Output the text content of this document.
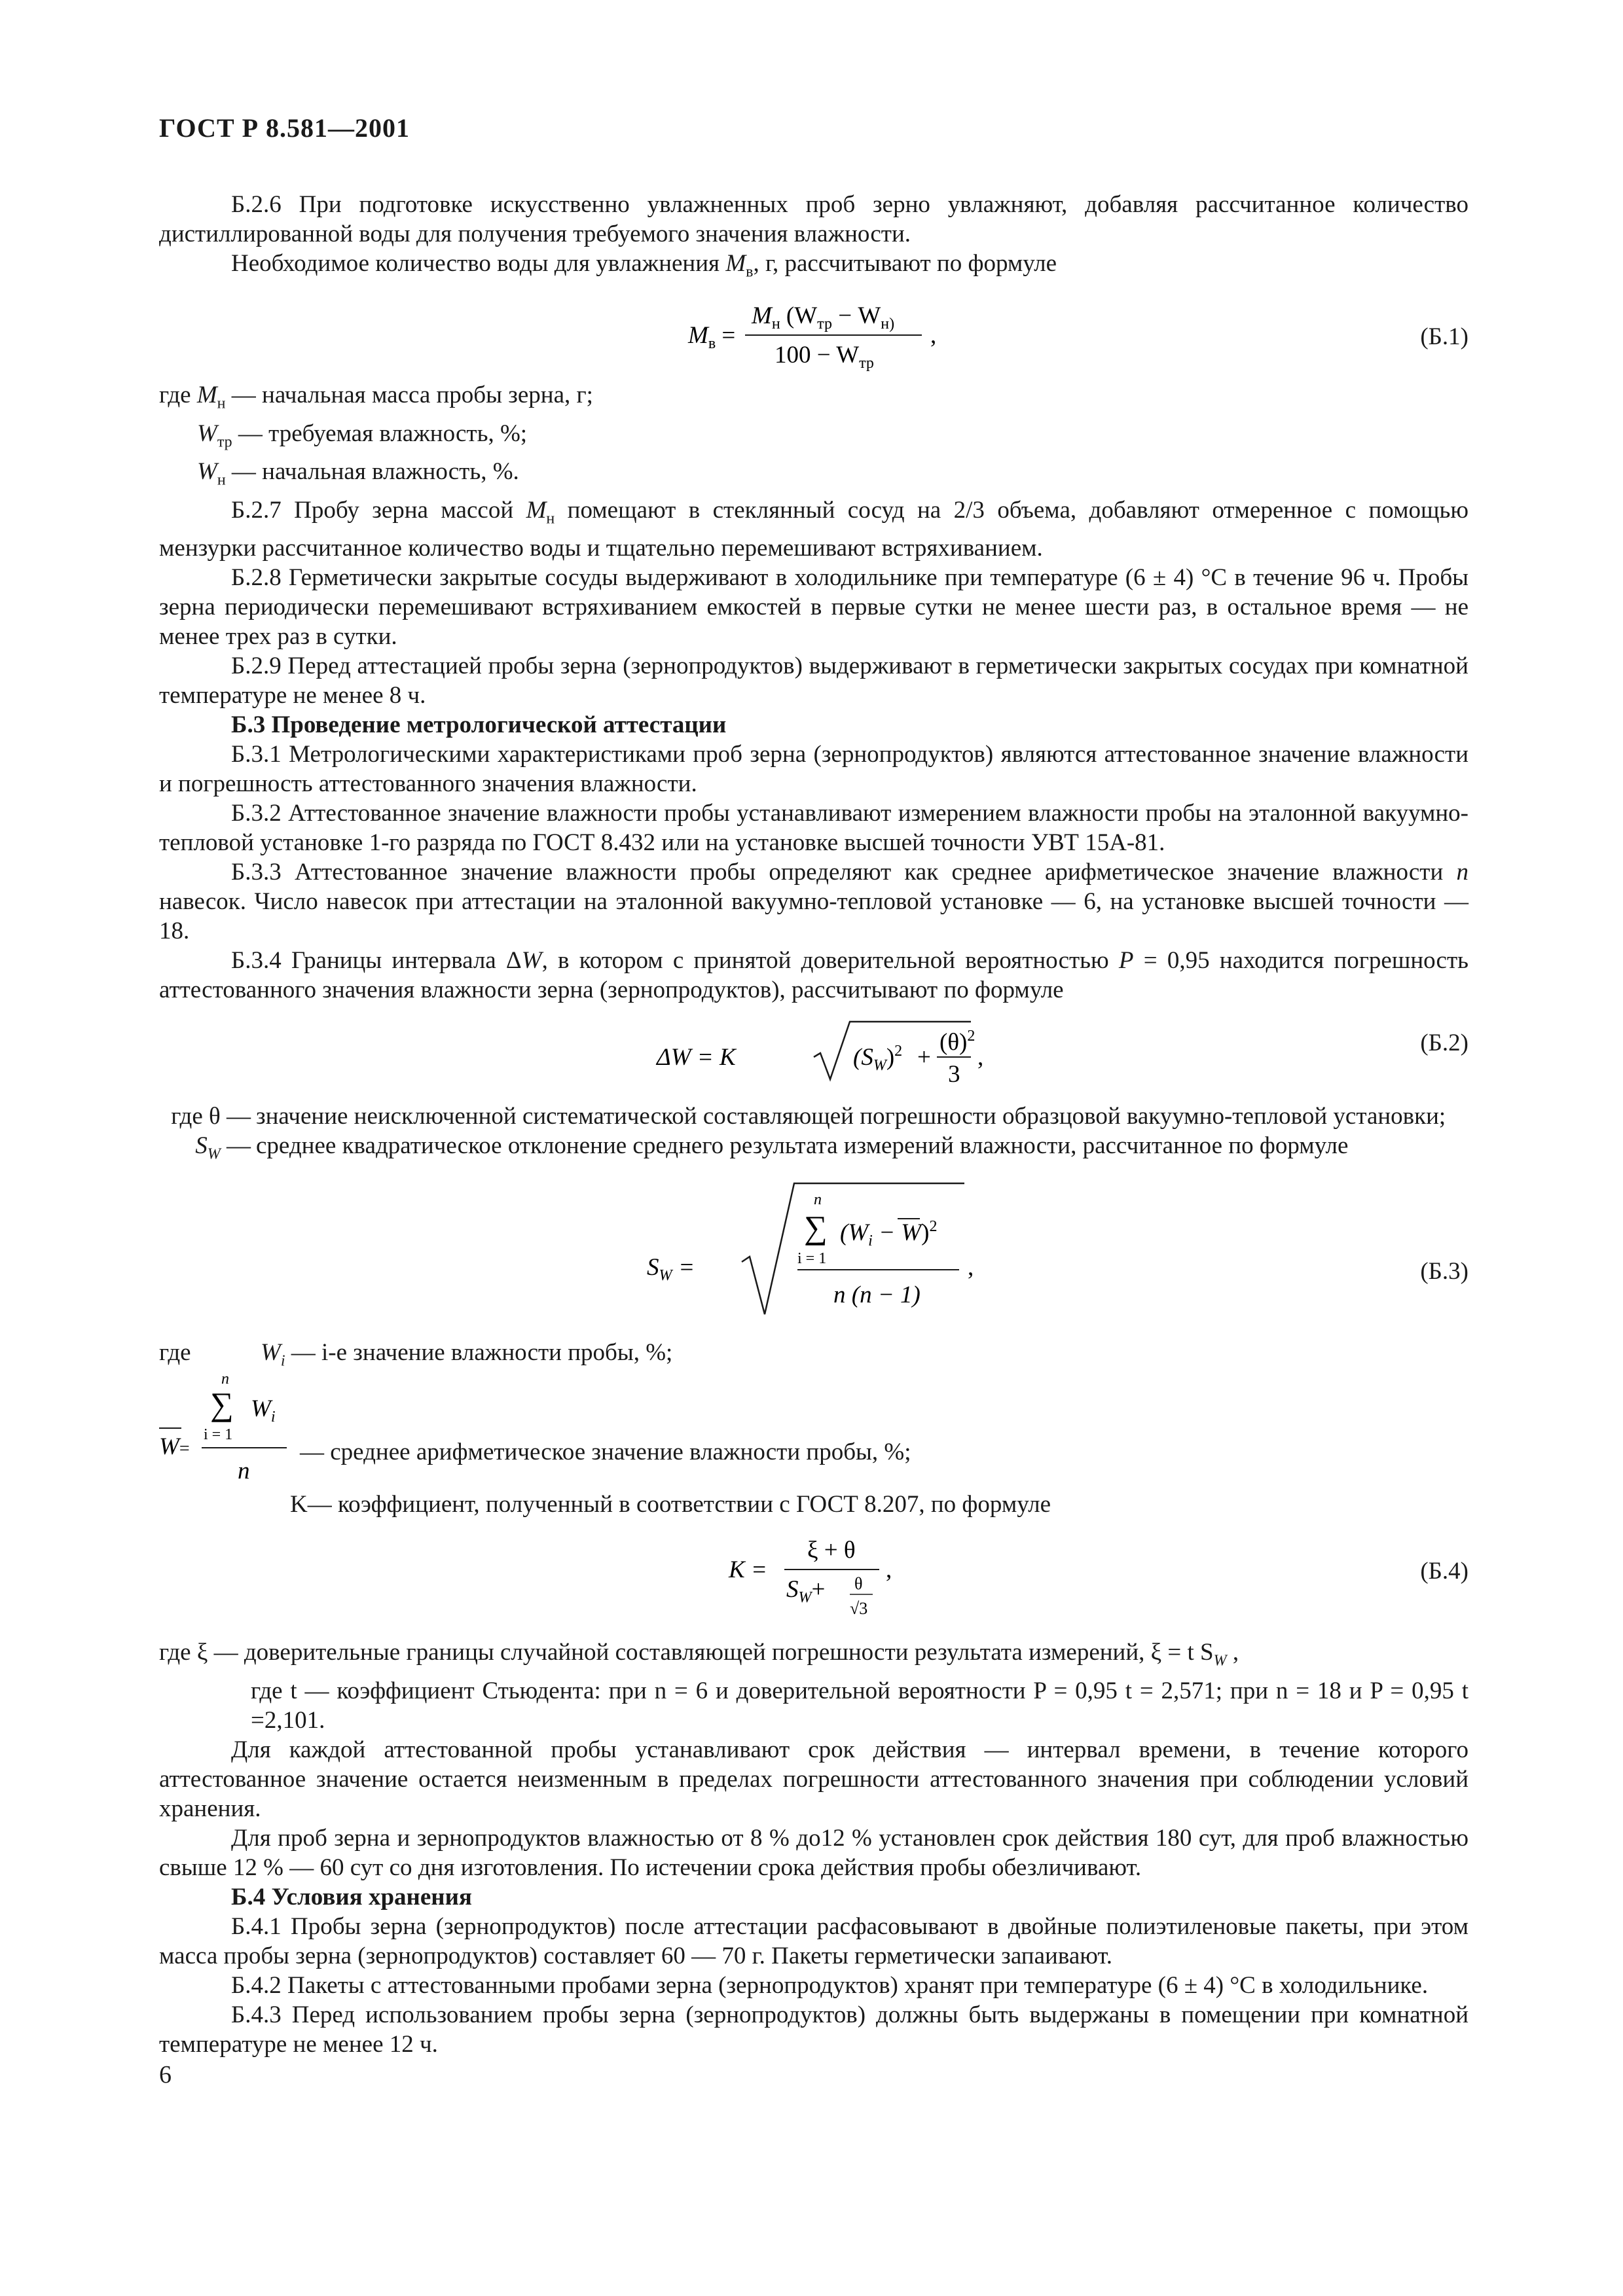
ГОСТ Р 8.581—2001

Б.2.6 При подготовке искусственно увлажненных проб зерно увлажняют, добавляя рассчитанное количество дистиллированной воды для получения требуемого значения влажности.

Необходимое количество воды для увлажнения $M_в$, г, рассчитывают по формуле

$M_в$ =
$M_н$ ($W_{тр} - W_{н)}$
$100 - W_{тр}$
,	(Б.1)
где $M_н$ — начальная масса пробы зерна, г;
$W_{тр}$ — требуемая влажность, %;
$W_н$ — начальная влажность, %.

Б.2.7 Пробу зерна массой $M_н$ помещают в стеклянный сосуд на 2/3 объема, добавляют отмеренное с помощью мензурки рассчитанное количество воды и тщательно перемешивают встряхиванием.

Б.2.8 Герметически закрытые сосуды выдерживают в холодильнике при температуре (6 ± 4) °С в течение 96 ч. Пробы зерна периодически перемешивают встряхиванием емкостей в первые сутки не менее шести раз, в остальное время — не менее трех раз в сутки.

Б.2.9 Перед аттестацией пробы зерна (зернопродуктов) выдерживают в герметически закрытых сосудах при комнатной температуре не менее 8 ч.

Б.3 Проведение метрологической аттестации

Б.3.1 Метрологическими характеристиками проб зерна (зернопродуктов) являются аттестованное значение влажности и погрешность аттестованного значения влажности.

Б.3.2 Аттестованное значение влажности пробы устанавливают измерением влажности пробы на эталонной вакуумно-тепловой установке 1-го разряда по ГОСТ 8.432 или на установке высшей точности УВТ 15А-81.

Б.3.3 Аттестованное значение влажности пробы определяют как среднее арифметическое значение влажности n навесок. Число навесок при аттестации на эталонной вакуумно-тепловой установке — 6, на установке высшей точности — 18.

Б.3.4 Границы интервала ΔW, в котором с принятой доверительной вероятностью P = 0,95 находится погрешность аттестованного значения влажности зерна (зернопродуктов), рассчитывают по формуле

ΔW = K	$(S_W)^2$ +
$(\theta)^2$
3
,
(Б.2)
где θ — значение неисключенной систематической составляющей погрешности образцовой вакуумно-тепловой установки;
$S_W$ — среднее квадратическое отклонение среднего результата измерений влажности, рассчитанное по формуле
$S_W$ =
n
∑
i = 1
$(W_i - W)^2$
n (n − 1)
,	(Б.3)
где	$W_i$ — i-е значение влажности пробы, %;
n
∑
i = 1
$W_i$
W=
n
— среднее арифметическое значение влажности пробы, %;
K— коэффициент, полученный в соответствии с ГОСТ 8.207, по формуле
K =
ξ + θ
$S_W+ \theta$
√3
,	(Б.4)
где ξ — доверительные границы случайной составляющей погрешности результата измерений, ξ = t $S_W$ ,
где t — коэффициент Стьюдента: при n = 6 и доверительной вероятности P = 0,95 t = 2,571; при n = 18 и P = 0,95 t =2,101.

Для каждой аттестованной пробы устанавливают срок действия — интервал времени, в течение которого аттестованное значение остается неизменным в пределах погрешности аттестованного значения при соблюдении условий хранения.

Для проб зерна и зернопродуктов влажностью от 8 % до12 % установлен срок действия 180 сут, для проб влажностью свыше 12 % — 60 сут со дня изготовления. По истечении срока действия пробы обезличивают.

Б.4 Условия хранения

Б.4.1 Пробы зерна (зернопродуктов) после аттестации расфасовывают в двойные полиэтиленовые пакеты, при этом масса пробы зерна (зернопродуктов) составляет 60 — 70 г. Пакеты герметически запаивают.

Б.4.2 Пакеты с аттестованными пробами зерна (зернопродуктов) хранят при температуре (6 ± 4) °С в холодильнике.

Б.4.3 Перед использованием пробы зерна (зернопродуктов) должны быть выдержаны в помещении при комнатной температуре не менее 12 ч.

6
